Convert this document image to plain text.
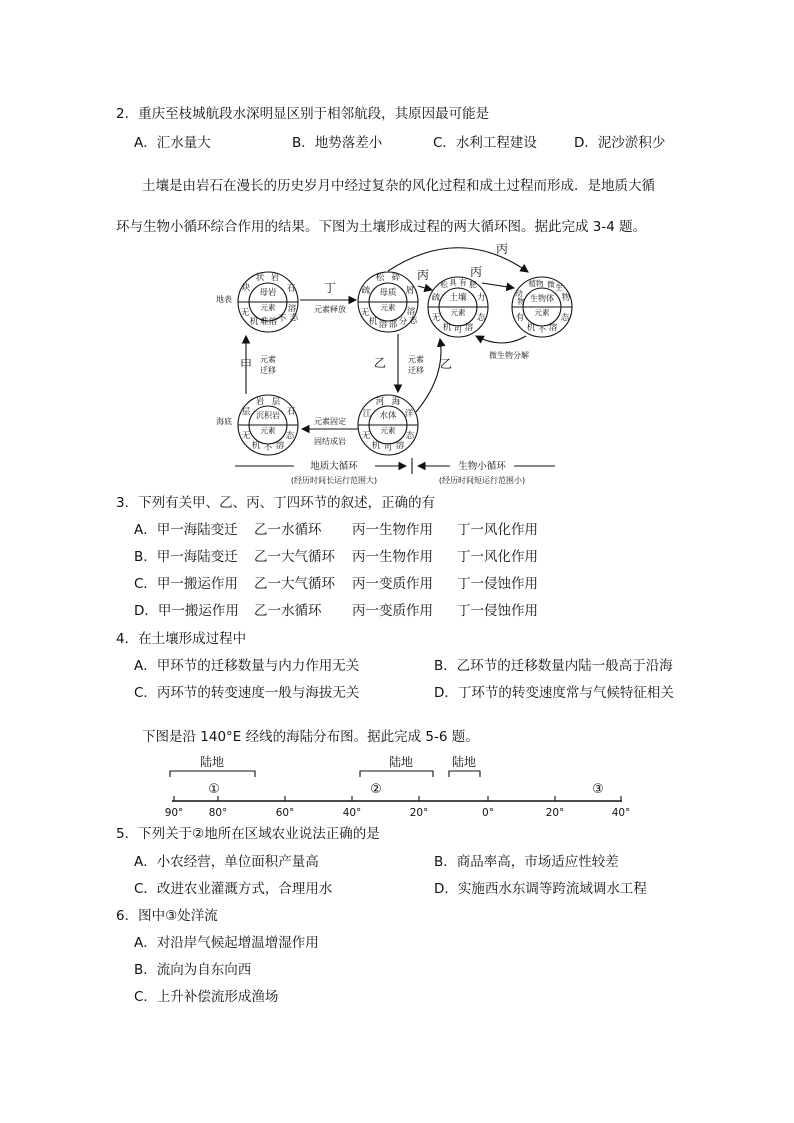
2．重庆至枝城航段水深明显区别于相邻航段，其原因最可能是
A．汇水量大	B．地势落差小	C．水利工程建设	D．泥沙淤积少
土壤是由岩石在漫长的历史岁月中经过复杂的风化过程和成土过程而形成．是地质大循
环与生物小循环综合作用的结果。下图为土壤形成过程的两大循环图。据此完成 3-4 题。
状 岩
块	石
母岩
元素
无
机 难 溶 不
溶
态
松 碎
疏	屑
母质
元素
无
机 溶 部 分
溶
态
松 具 有 肥
疏	力
土壤
元素
无
机 可 溶
态
植物 微 生
动
物 生物体 物
元素
有
机 不 溶
态
河 海
江	洋
水体
元素
无
机 可 溶
态
岩
层
层
石
沉积岩
元素
无
机 不 溶
态
丁
甲	乙	乙
丙
丙	丙
地表
海底
元素释放
元素
迁移
元素
迁移
元素固定
固结成岩
微生物分解
地质大循环
(经历时间长运行范围大)
生物小循环
(经历时间短运行范围小)
3．下列有关甲、乙、丙、丁四环节的叙述，正确的有
A．甲一海陆变迁 乙一水循环 丙一生物作用 丁一风化作用
B．甲一海陆变迁 乙一大气循环 丙一生物作用 丁一风化作用
C．甲一搬运作用 乙一大气循环 丙一变质作用 丁一侵蚀作用
D．甲一搬运作用 乙一水循环 丙一变质作用 丁一侵蚀作用
4．在土壤形成过程中
A．甲环节的迁移数量与内力作用无关	B．乙环节的迁移数量内陆一般高于沿海
C．丙环节的转变速度一般与海拔无关	D．丁环节的转变速度常与气候特征相关
下图是沿 140°E 经线的海陆分布图。据此完成 5-6 题。
陆地	陆地	陆地
①	②	③
90° 80°	60°	40°	20°	0°	20°	40°
5．下列关于②地所在区域农业说法正确的是
A．小农经营，单位面积产量高	B．商品率高，市场适应性较差
C．改进农业灌溉方式，合理用水	D．实施西水东调等跨流域调水工程
6．图中③处洋流
A．对沿岸气候起增温增湿作用
B．流向为自东向西
C．上升补偿流形成渔场
